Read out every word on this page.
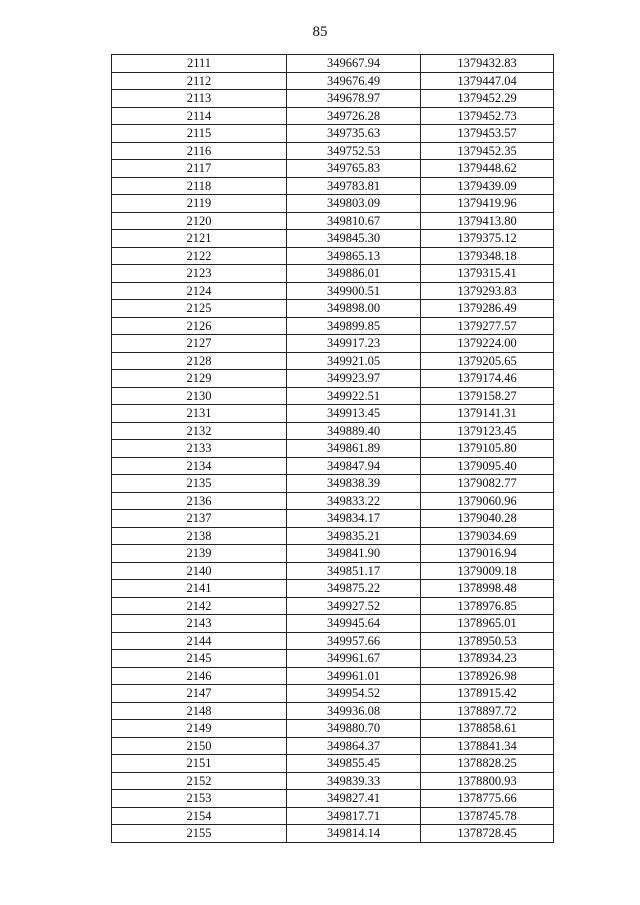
85
2111	349667.94	1379432.83
2112	349676.49	1379447.04
2113	349678.97	1379452.29
2114	349726.28	1379452.73
2115	349735.63	1379453.57
2116	349752.53	1379452.35
2117	349765.83	1379448.62
2118	349783.81	1379439.09
2119	349803.09	1379419.96
2120	349810.67	1379413.80
2121	349845.30	1379375.12
2122	349865.13	1379348.18
2123	349886.01	1379315.41
2124	349900.51	1379293.83
2125	349898.00	1379286.49
2126	349899.85	1379277.57
2127	349917.23	1379224.00
2128	349921.05	1379205.65
2129	349923.97	1379174.46
2130	349922.51	1379158.27
2131	349913.45	1379141.31
2132	349889.40	1379123.45
2133	349861.89	1379105.80
2134	349847.94	1379095.40
2135	349838.39	1379082.77
2136	349833.22	1379060.96
2137	349834.17	1379040.28
2138	349835.21	1379034.69
2139	349841.90	1379016.94
2140	349851.17	1379009.18
2141	349875.22	1378998.48
2142	349927.52	1378976.85
2143	349945.64	1378965.01
2144	349957.66	1378950.53
2145	349961.67	1378934.23
2146	349961.01	1378926.98
2147	349954.52	1378915.42
2148	349936.08	1378897.72
2149	349880.70	1378858.61
2150	349864.37	1378841.34
2151	349855.45	1378828.25
2152	349839.33	1378800.93
2153	349827.41	1378775.66
2154	349817.71	1378745.78
2155	349814.14	1378728.45
